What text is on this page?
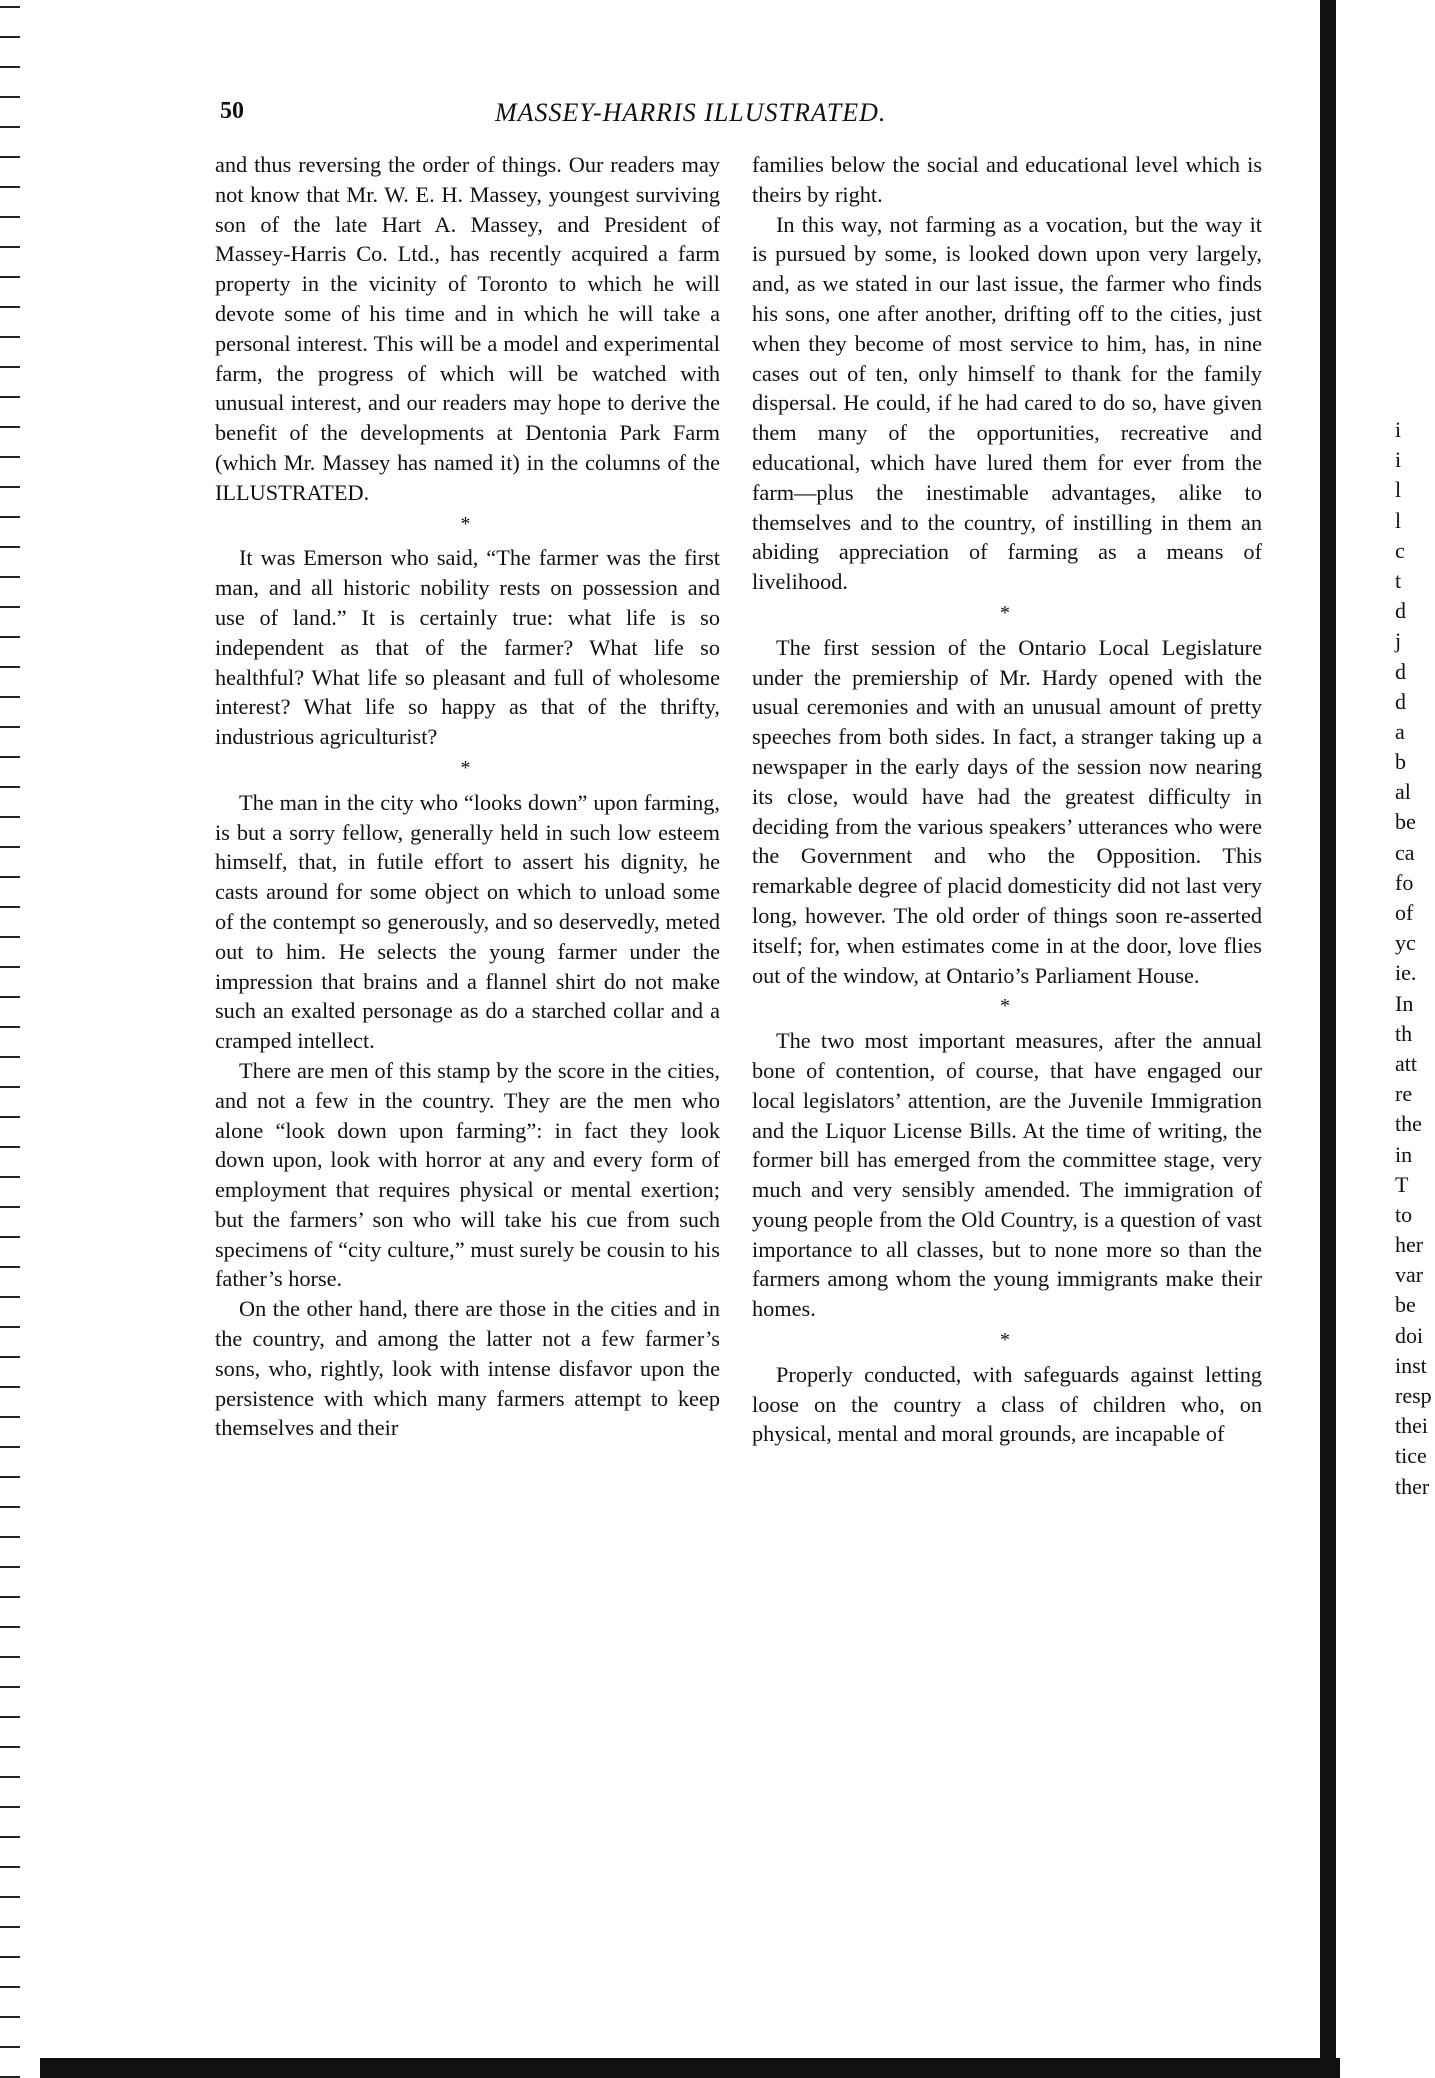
50	MASSEY-HARRIS ILLUSTRATED.

and thus reversing the order of things. Our readers may not know that Mr. W. E. H. Massey, youngest surviving son of the late Hart A. Massey, and President of Massey-Harris Co. Ltd., has recently acquired a farm property in the vicinity of Toronto to which he will devote some of his time and in which he will take a personal interest. This will be a model and experimental farm, the progress of which will be watched with unusual interest, and our readers may hope to derive the benefit of the developments at Dentonia Park Farm (which Mr. Massey has named it) in the columns of the ILLUSTRATED.

*

It was Emerson who said, “The farmer was the first man, and all historic nobility rests on possession and use of land.” It is certainly true: what life is so independent as that of the farmer? What life so healthful? What life so pleasant and full of wholesome interest? What life so happy as that of the thrifty, industrious agriculturist?

*

The man in the city who “looks down” upon farming, is but a sorry fellow, generally held in such low esteem himself, that, in futile effort to assert his dignity, he casts around for some object on which to unload some of the contempt so generously, and so deservedly, meted out to him. He selects the young farmer under the impression that brains and a flannel shirt do not make such an exalted personage as do a starched collar and a cramped intellect.

There are men of this stamp by the score in the cities, and not a few in the country. They are the men who alone “look down upon farming”: in fact they look down upon, look with horror at any and every form of employment that requires physical or mental exertion; but the farmers’ son who will take his cue from such specimens of “city culture,” must surely be cousin to his father’s horse.

On the other hand, there are those in the cities and in the country, and among the latter not a few farmer’s sons, who, rightly, look with intense disfavor upon the persistence with which many farmers attempt to keep themselves and their

families below the social and educational level which is theirs by right.

In this way, not farming as a vocation, but the way it is pursued by some, is looked down upon very largely, and, as we stated in our last issue, the farmer who finds his sons, one after another, drifting off to the cities, just when they become of most service to him, has, in nine cases out of ten, only himself to thank for the family dispersal. He could, if he had cared to do so, have given them many of the opportunities, recreative and educational, which have lured them for ever from the farm—plus the inestimable advantages, alike to themselves and to the country, of instilling in them an abiding appreciation of farming as a means of livelihood.

*

The first session of the Ontario Local Legislature under the premiership of Mr. Hardy opened with the usual ceremonies and with an unusual amount of pretty speeches from both sides. In fact, a stranger taking up a newspaper in the early days of the session now nearing its close, would have had the greatest difficulty in deciding from the various speakers’ utterances who were the Government and who the Opposition. This remarkable degree of placid domesticity did not last very long, however. The old order of things soon re-asserted itself; for, when estimates come in at the door, love flies out of the window, at Ontario’s Parliament House.

*

The two most important measures, after the annual bone of contention, of course, that have engaged our local legislators’ attention, are the Juvenile Immigration and the Liquor License Bills. At the time of writing, the former bill has emerged from the committee stage, very much and very sensibly amended. The immigration of young people from the Old Country, is a question of vast importance to all classes, but to none more so than the farmers among whom the young immigrants make their homes.

*

Properly conducted, with safeguards against letting loose on the country a class of children who, on physical, mental and moral grounds, are incapable of

i
i
l
l
c
t
d
j
d
d
a
b
al
be
ca
fo
of
yc
ie.
In
th
att
re
the
in
T
to
her
var
be
doi
inst
resp
thei
tice
ther
